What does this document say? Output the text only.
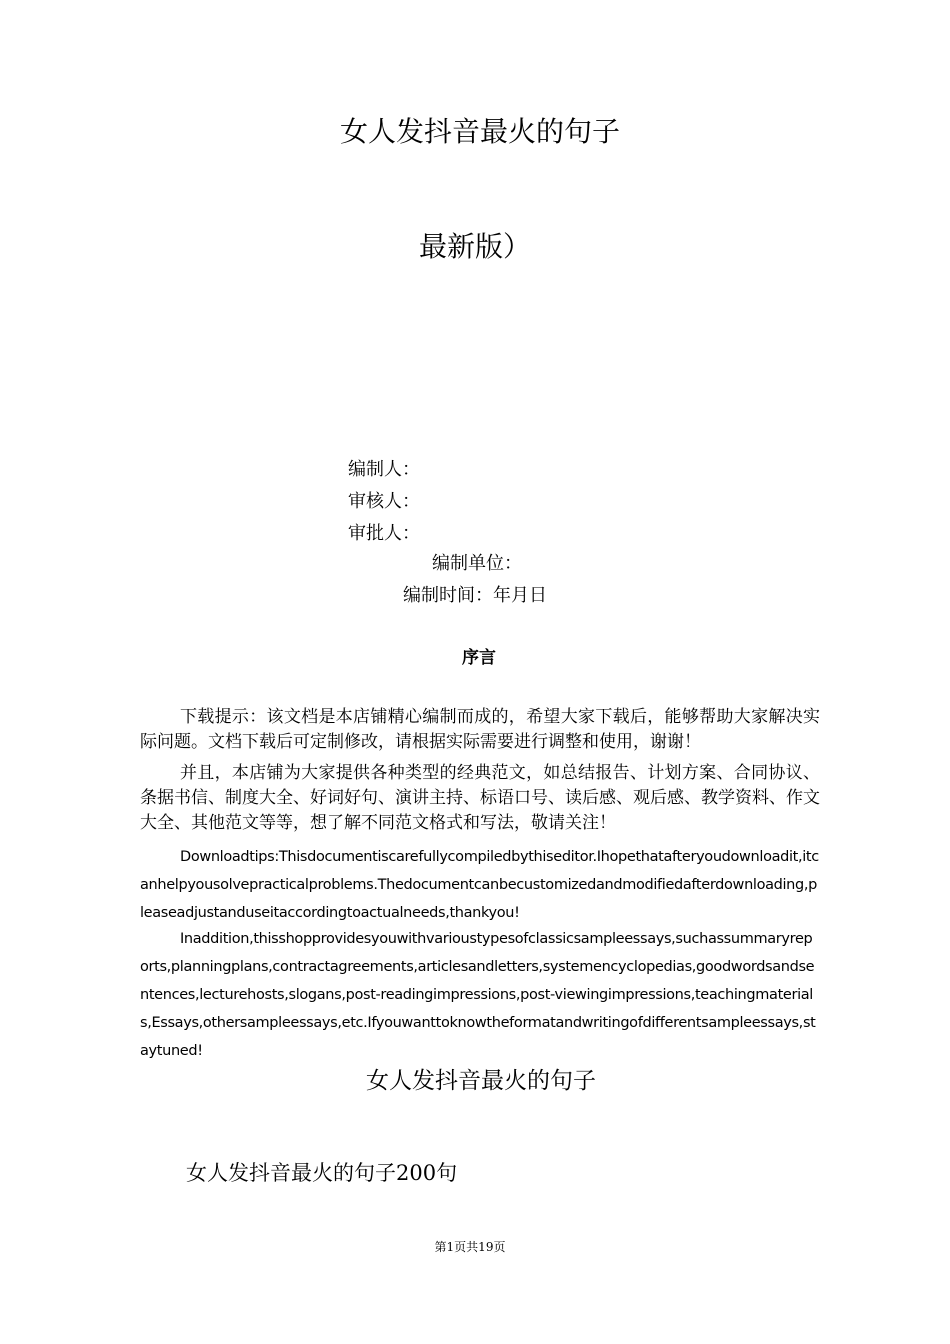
女人发抖音最火的句子
最新版）
编制人：
审核人：
审批人：
编制单位：
编制时间：年月日
序言
下载提示：该文档是本店铺精心编制而成的，希望大家下载后，能够帮助大家解决实际问题。文档下载后可定制修改，请根据实际需要进行调整和使用，谢谢！
并且，本店铺为大家提供各种类型的经典范文，如总结报告、计划方案、合同协议、条据书信、制度大全、好词好句、演讲主持、标语口号、读后感、观后感、教学资料、作文大全、其他范文等等，想了解不同范文格式和写法，敬请关注！
Downloadtips:Thisdocumentiscarefullycompiledbythiseditor.Ihopethatafteryoudownloadit,itcanhelpyousolvepracticalproblems.Thedocumentcanbecustomizedandmodifiedafterdownloading,pleaseadjustanduseitaccordingtoactualneeds,thankyou!
Inaddition,thisshopprovidesyouwithvarioustypesofclassicsampleessays,suchassummaryreports,planningplans,contractagreements,articlesandletters,systemencyclopedias,goodwordsandsentences,lecturehosts,slogans,post-readingimpressions,post-viewingimpressions,teachingmaterials,Essays,othersampleessays,etc.Ifyouwanttoknowtheformatandwritingofdifferentsampleessays,staytuned!
女人发抖音最火的句子
女人发抖音最火的句子200句
第1页共19页
